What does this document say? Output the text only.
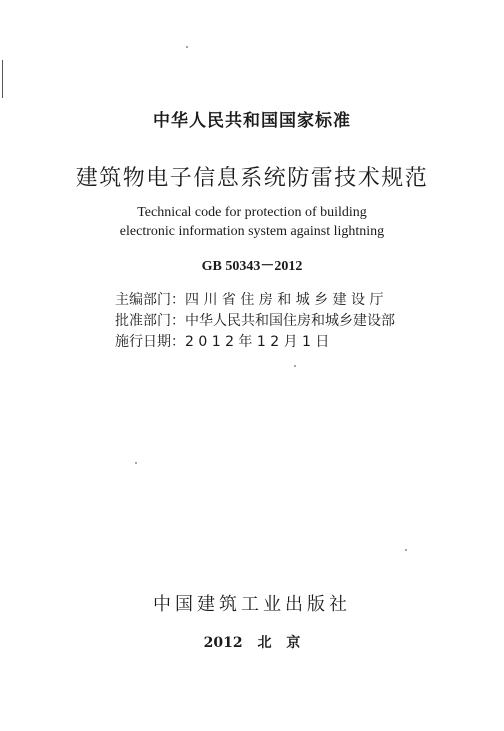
中华人民共和国国家标准
建筑物电子信息系统防雷技术规范
Technical code for protection of building
electronic information system against lightning
GB 50343－2012
主编部门：四 川 省 住 房 和 城 乡 建 设 厅
批准部门：中华人民共和国住房和城乡建设部
施行日期：2 0 1 2 年 1 2 月 1 日
中国建筑工业出版社
2012 北 京
